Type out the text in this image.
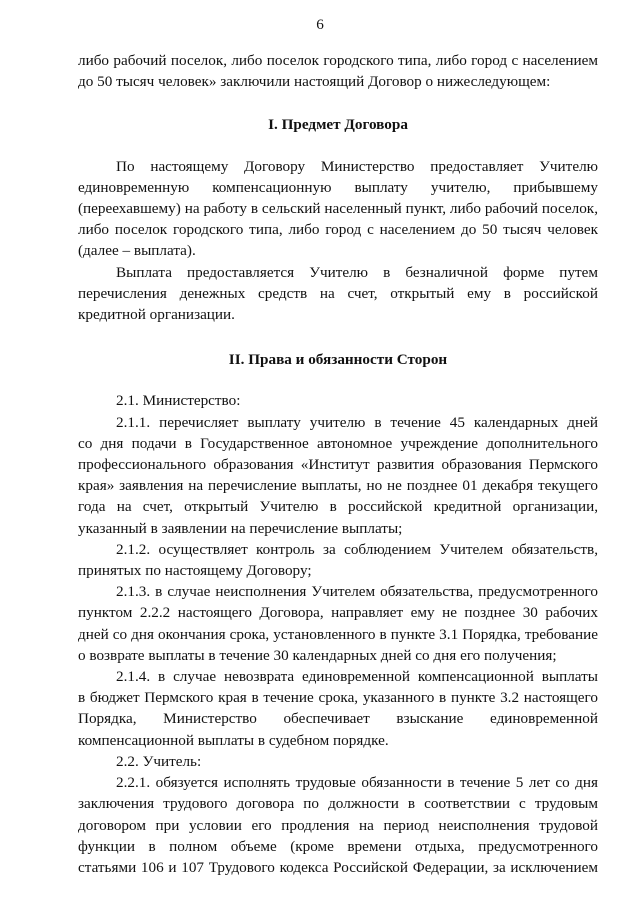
6

либо рабочий поселок, либо поселок городского типа, либо город с населением

до 50 тысяч человек» заключили настоящий Договор о нижеследующем:

I. Предмет Договора

По настоящему Договору Министерство предоставляет Учителю

единовременную компенсационную выплату учителю, прибывшему

(переехавшему) на работу в сельский населенный пункт, либо рабочий поселок,

либо поселок городского типа, либо город с населением до 50 тысяч человек

(далее – выплата).

Выплата предоставляется Учителю в безналичной форме путем

перечисления денежных средств на счет, открытый ему в российской

кредитной организации.

II. Права и обязанности Сторон

2.1. Министерство:

2.1.1. перечисляет выплату учителю в течение 45 календарных дней

со дня подачи в Государственное автономное учреждение дополнительного

профессионального образования «Институт развития образования Пермского

края» заявления на перечисление выплаты, но не позднее 01 декабря текущего

года на счет, открытый Учителю в российской кредитной организации,

указанный в заявлении на перечисление выплаты;

2.1.2. осуществляет контроль за соблюдением Учителем обязательств,

принятых по настоящему Договору;

2.1.3. в случае неисполнения Учителем обязательства, предусмотренного

пунктом 2.2.2 настоящего Договора, направляет ему не позднее 30 рабочих

дней со дня окончания срока, установленного в пункте 3.1 Порядка, требование

о возврате выплаты в течение 30 календарных дней со дня его получения;

2.1.4. в случае невозврата единовременной компенсационной выплаты

в бюджет Пермского края в течение срока, указанного в пункте 3.2 настоящего

Порядка, Министерство обеспечивает взыскание единовременной

компенсационной выплаты в судебном порядке.

2.2. Учитель:

2.2.1. обязуется исполнять трудовые обязанности в течение 5 лет со дня

заключения трудового договора по должности в соответствии с трудовым

договором при условии его продления на период неисполнения трудовой

функции в полном объеме (кроме времени отдыха, предусмотренного

статьями 106 и 107 Трудового кодекса Российской Федерации, за исключением
